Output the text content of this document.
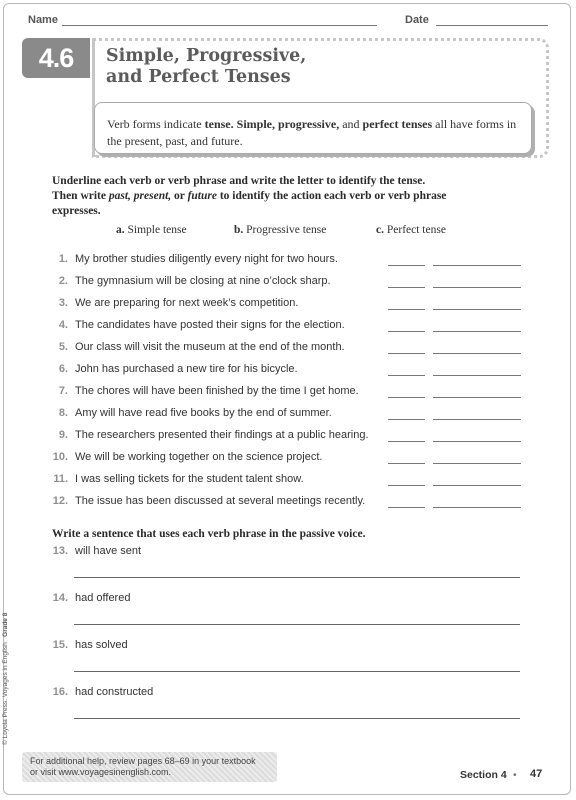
Name	Date
4.6	Simple, Progressive,
and Perfect Tenses
Verb forms indicate tense. Simple, progressive, and perfect tenses all have forms in the present, past, and future.
Underline each verb or verb phrase and write the letter to identify the tense.
Then write past, present, or future to identify the action each verb or verb phrase
expresses.
a. Simple tense	b. Progressive tense	c. Perfect tense
1. My brother studies diligently every night for two hours.
2. The gymnasium will be closing at nine o’clock sharp.
3. We are preparing for next week’s competition.
4. The candidates have posted their signs for the election.
5. Our class will visit the museum at the end of the month.
6. John has purchased a new tire for his bicycle.
7. The chores will have been finished by the time I get home.
8. Amy will have read five books by the end of summer.
9. The researchers presented their findings at a public hearing.
10. We will be working together on the science project.
11. I was selling tickets for the student talent show.
12. The issue has been discussed at several meetings recently.
Write a sentence that uses each verb phrase in the passive voice.
13. will have sent
14. had offered
15. has solved
16. had constructed
For additional help, review pages 68–69 in your textbook
or visit www.voyagesinenglish.com.	Section 4 • 47
© Loyola Press. Voyages in English   Grade 8
